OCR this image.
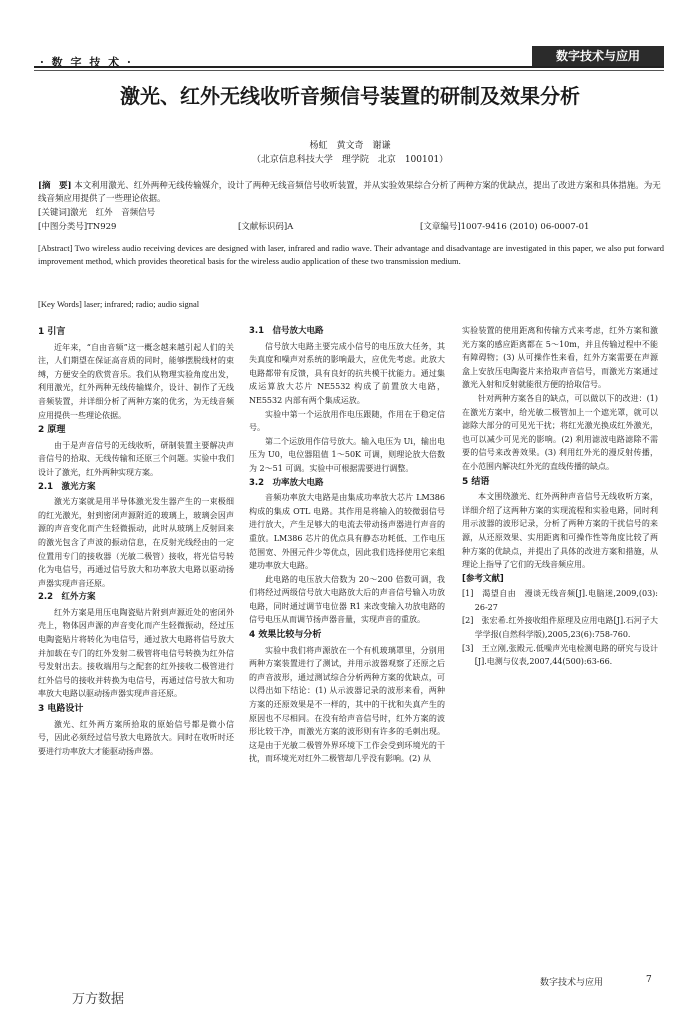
· 数 字 技 术 ·	数字技术与应用
激光、红外无线收听音频信号装置的研制及效果分析
杨虹　黄文奇　谢谦
（北京信息科技大学　理学院　北京　100101）
[摘　要] 本文利用激光、红外两种无线传输媒介，设计了两种无线音频信号收听装置，并从实验效果综合分析了两种方案的优缺点，提出了改进方案和具体措施。为无线音频应用提供了一些理论依据。
[关键词]激光　红外　音频信号
[中图分类号]TN929	[文献标识码]A	[文章编号]1007-9416 (2010) 06-0007-01
[Abstract] Two wireless audio receiving devices are designed with laser, infrared and radio wave. Their advantage and disadvantage are investigated in this paper, we also put forward improvement method, which provides theoretical basis for the wireless audio application of these two transmission medium.
[Key Words] laser; infrared; radio; audio signal
1 引言

近年来，“自由音频”这一概念越来越引起人们的关注，人们期望在保证高音质的同时，能够摆脱线材的束缚，方便安全的欣赏音乐。我们从物理实验角度出发，利用激光，红外两种无线传输媒介，设计、制作了无线音频装置，并详细分析了两种方案的优劣，为无线音频应用提供一些理论依据。

2 原理

由于是声音信号的无线收听，研制装置主要解决声音信号的拾取、无线传输和还原三个问题。实验中我们设计了激光，红外两种实现方案。

2.1　激光方案

激光方案就是用半导体激光发生器产生的一束极细的红光激光，射到密闭声源附近的玻璃上，玻璃会因声源的声音变化而产生轻微振动，此时从玻璃上反射回来的激光包含了声波的振动信息，在反射光线经由的一定位置用专门的接收器（光敏二极管）接收，将光信号转化为电信号，再通过信号放大和功率放大电路以驱动扬声器实现声音还原。

2.2　红外方案

红外方案是用压电陶瓷贴片附到声源近处的密闭外壳上，物体因声源的声音变化而产生轻微振动，经过压电陶瓷贴片将转化为电信号，通过放大电路将信号放大并加载在专门的红外发射二极管将电信号转换为红外信号发射出去。接收端用与之配套的红外接收二极管进行红外信号的接收并转换为电信号，再通过信号放大和功率放大电路以驱动扬声器实现声音还原。

3 电路设计

激光、红外两方案所拾取的原始信号都是微小信号，因此必须经过信号放大电路放大。同时在收听时还要进行功率放大才能驱动扬声器。

3.1　信号放大电路

信号放大电路主要完成小信号的电压放大任务，其失真度和噪声对系统的影响最大，应优先考虑。此放大电路都带有反馈，具有良好的抗共模干扰能力。通过集成运算放大芯片 NE5532 构成了前置放大电路，NE5532 内部有两个集成运放。

实验中第一个运放用作电压跟随，作用在于稳定信号。

第二个运放用作信号放大。输入电压为 Ui，输出电压为 U0，电位器阻值 1～50K 可调，则理论放大倍数为 2～51 可调。实验中可根据需要进行调整。

3.2　功率放大电路

音频功率放大电路是由集成功率放大芯片 LM386 构成的集成 OTL 电路。其作用是将输入的较微弱信号进行放大，产生足够大的电流去带动扬声器进行声音的重放。LM386 芯片的优点具有静态功耗低、工作电压范围宽、外围元件少等优点，因此我们选择使用它来组建功率放大电路。

此电路的电压放大倍数为 20～200 倍数可调，我们将经过两级信号放大电路放大后的声音信号输入功放电路，同时通过调节电位器 R1 来改变输入功放电路的信号电压从而调节扬声器音量，实现声音的重放。

4 效果比较与分析

实验中我们将声源放在一个有机玻璃罩里，分别用两种方案装置进行了测试，并用示波器观察了还原之后的声音波形，通过测试综合分析两种方案的优缺点，可以得出如下结论：(1) 从示波器记录的波形来看，两种方案的还原效果是不一样的，其中的干扰和失真产生的原因也不尽相同。在没有给声音信号时，红外方案的波形比较干净，而激光方案的波形则有许多的毛刺出现。这是由于光敏二极管外界环境下工作会受到环境光的干扰，而环境光对红外二极管却几乎没有影响。(2) 从

实验装置的使用距离和传输方式来考虑，红外方案和激光方案的感应距离都在 5～10m，并且传输过程中不能有障碍物；(3) 从可操作性来看，红外方案需要在声源盒上安放压电陶瓷片来拾取声音信号，而激光方案通过激光入射和反射就能很方便的拾取信号。

针对两种方案各自的缺点，可以做以下的改进：(1) 在激光方案中，给光敏二极管加上一个遮光罩，就可以滤除大部分的可见光干扰；将红光激光换成红外激光，也可以减少可见光的影响。(2) 利用滤波电路滤除不需要的信号来改善效果。(3) 利用红外光的漫反射传播，在小范围内解决红外光的直线传播的缺点。

5 结语

本文围绕激光、红外两种声音信号无线收听方案，详细介绍了这两种方案的实现流程和实验电路，同时利用示波器的波形记录，分析了两种方案的干扰信号的来源，从还原效果、实用距离和可操作性等角度比较了两种方案的优缺点，并提出了具体的改进方案和措施，从理论上指导了它们的无线音频应用。

[参考文献]

[1]　渴望自由　漫谈无线音频[J].电脑迷,2009,(03): 26-27

[2]　张宏希.红外接收组件原理及应用电路[J].石河子大学学报(自然科学版),2005,23(6):758-760.

[3]　王立刚,张殿元.低噪声光电检测电路的研究与设计[J].电测与仪表,2007,44(500):63-66.

数字技术与应用	7
万方数据
